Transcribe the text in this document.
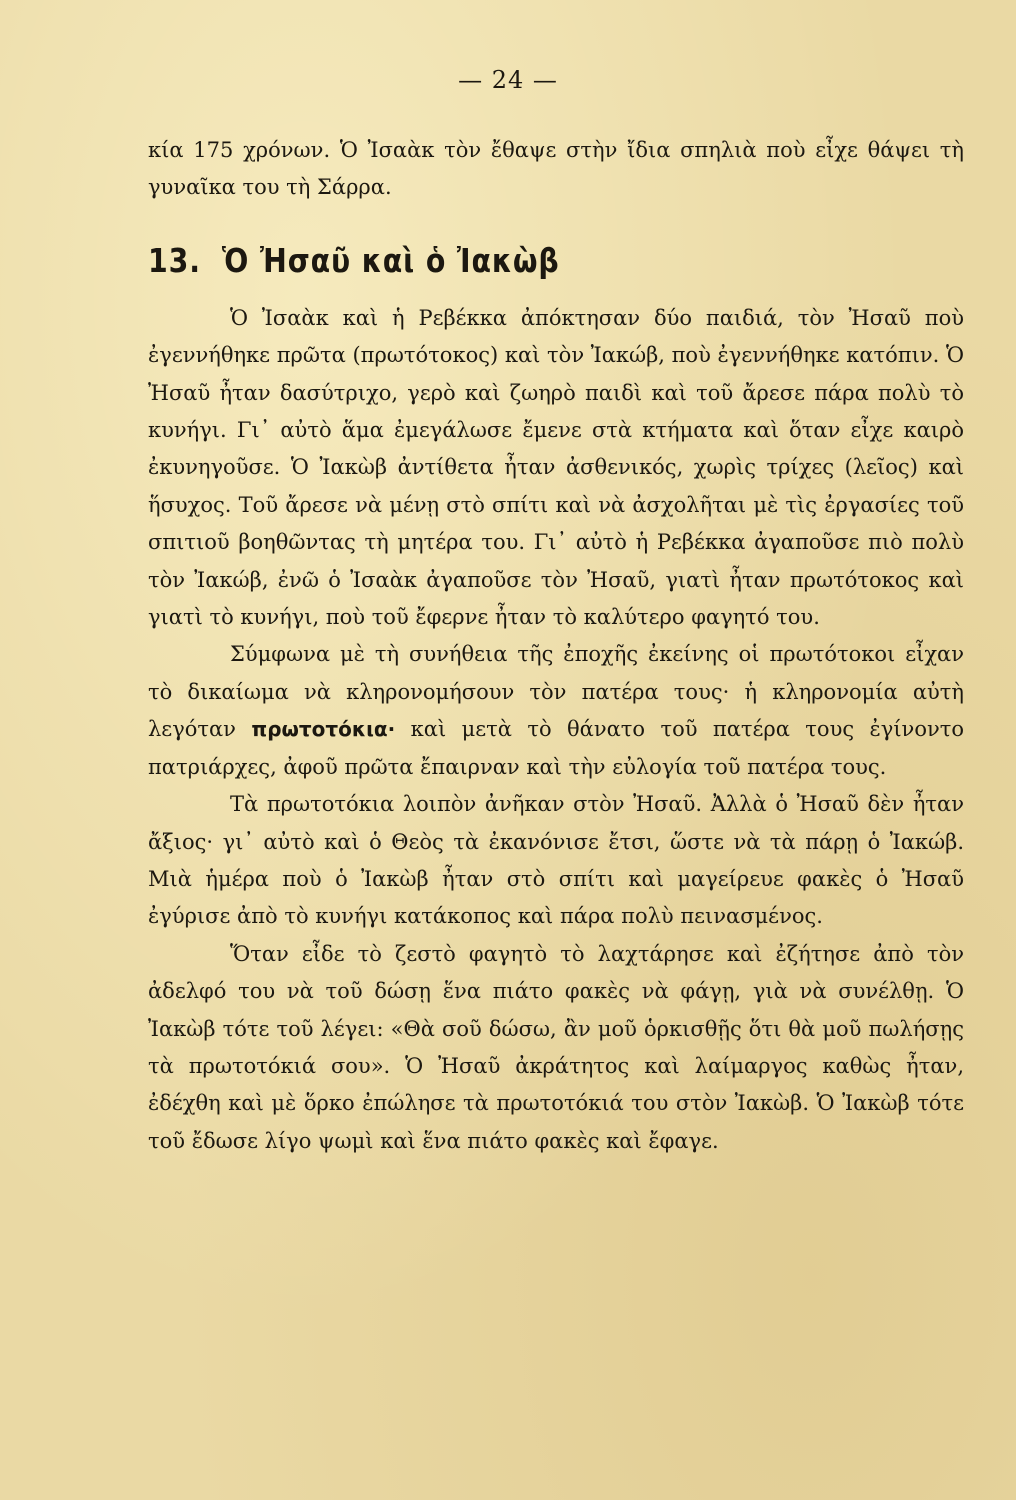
— 24 —

κία 175 χρόνων. Ὁ Ἰσαὰκ τὸν ἔθαψε στὴν ἴδια σπηλιὰ ποὺ εἶχε θάψει τὴ γυναῖκα του τὴ Σάρρα.

13. Ὁ Ἠσαῦ καὶ ὁ Ἰακὼβ

Ὁ Ἰσαὰκ καὶ ἡ Ρεβέκκα ἀπόκτησαν δύο παιδιά, τὸν Ἠσαῦ ποὺ ἐγεννήθηκε πρῶτα (πρωτότοκος) καὶ τὸν Ἰακώβ, ποὺ ἐγεννήθηκε κατόπιν. Ὁ Ἠσαῦ ἦταν δασύτριχο, γερὸ καὶ ζωηρὸ παιδὶ καὶ τοῦ ἄρεσε πάρα πολὺ τὸ κυνήγι. Γι᾿ αὐτὸ ἅμα ἐμεγάλωσε ἔμενε στὰ κτήματα καὶ ὅταν εἶχε καιρὸ ἐκυνηγοῦσε. Ὁ Ἰακὼβ ἀντίθετα ἦταν ἀσθενικός, χωρὶς τρίχες (λεῖος) καὶ ἥσυχος. Τοῦ ἄρεσε νὰ μένῃ στὸ σπίτι καὶ νὰ ἀσχολῆται μὲ τὶς ἐργασίες τοῦ σπιτιοῦ βοηθῶντας τὴ μητέρα του. Γι᾿ αὐτὸ ἡ Ρεβέκκα ἀγαποῦσε πιὸ πολὺ τὸν Ἰακώβ, ἐνῶ ὁ Ἰσαὰκ ἀγαποῦσε τὸν Ἠσαῦ, γιατὶ ἦταν πρωτότοκος καὶ γιατὶ τὸ κυνήγι, ποὺ τοῦ ἔφερνε ἦταν τὸ καλύτερο φαγητό του.

Σύμφωνα μὲ τὴ συνήθεια τῆς ἐποχῆς ἐκείνης οἱ πρωτότοκοι εἶχαν τὸ δικαίωμα νὰ κληρονομήσουν τὸν πατέρα τους· ἡ κληρονομία αὐτὴ λεγόταν πρωτοτόκια· καὶ μετὰ τὸ θάνατο τοῦ πατέρα τους ἐγίνοντο πατριάρχες, ἀφοῦ πρῶτα ἔπαιρναν καὶ τὴν εὐλογία τοῦ πατέρα τους.

Τὰ πρωτοτόκια λοιπὸν ἀνῆκαν στὸν Ἠσαῦ. Ἀλλὰ ὁ Ἠσαῦ δὲν ἦταν ἄξιος· γι᾿ αὐτὸ καὶ ὁ Θεὸς τὰ ἐκανόνισε ἔτσι, ὥστε νὰ τὰ πάρῃ ὁ Ἰακώβ. Μιὰ ἡμέρα ποὺ ὁ Ἰακὼβ ἦταν στὸ σπίτι καὶ μαγείρευε φακὲς ὁ Ἠσαῦ ἐγύρισε ἀπὸ τὸ κυνήγι κατάκοπος καὶ πάρα πολὺ πεινασμένος.

Ὅταν εἶδε τὸ ζεστὸ φαγητὸ τὸ λαχτάρησε καὶ ἐζήτησε ἀπὸ τὸν ἀδελφό του νὰ τοῦ δώσῃ ἕνα πιάτο φακὲς νὰ φάγῃ, γιὰ νὰ συνέλθῃ. Ὁ Ἰακὼβ τότε τοῦ λέγει: «Θὰ σοῦ δώσω, ἂν μοῦ ὁρκισθῇς ὅτι θὰ μοῦ πωλήσῃς τὰ πρωτοτόκιά σου». Ὁ Ἠσαῦ ἀκράτητος καὶ λαίμαργος καθὼς ἦταν, ἐδέχθη καὶ μὲ ὅρκο ἐπώλησε τὰ πρωτοτόκιά του στὸν Ἰακὼβ. Ὁ Ἰακὼβ τότε τοῦ ἔδωσε λίγο ψωμὶ καὶ ἕνα πιάτο φακὲς καὶ ἔφαγε.
